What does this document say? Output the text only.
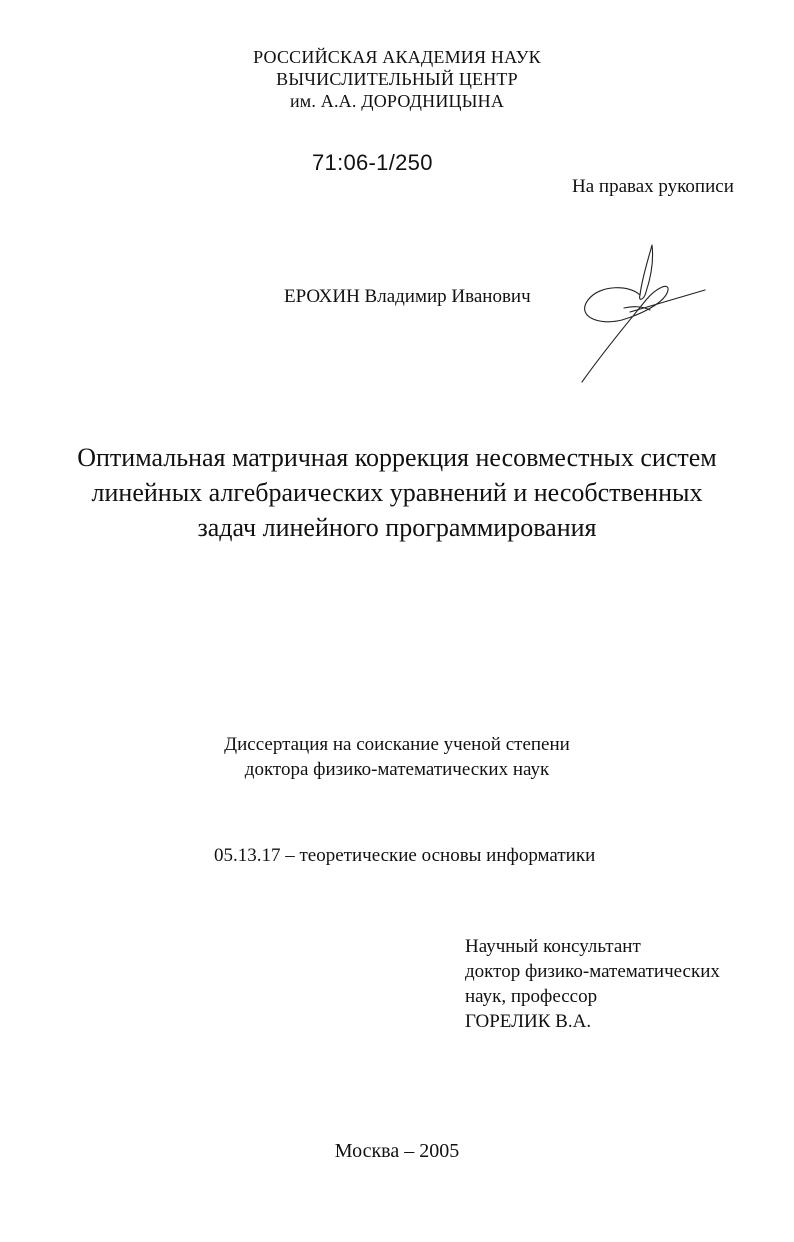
РОССИЙСКАЯ АКАДЕМИЯ НАУК
ВЫЧИСЛИТЕЛЬНЫЙ ЦЕНТР
им. А.А. ДОРОДНИЦЫНА
71:06-1/250
На правах рукописи
ЕРОХИН Владимир Иванович
Оптимальная матричная коррекция несовместных систем
линейных алгебраических уравнений и несобственных
задач линейного программирования
Диссертация на соискание ученой степени
доктора физико-математических наук
05.13.17 – теоретические основы информатики
Научный консультант
доктор физико-математических
наук, профессор
ГОРЕЛИК В.А.
Москва – 2005
